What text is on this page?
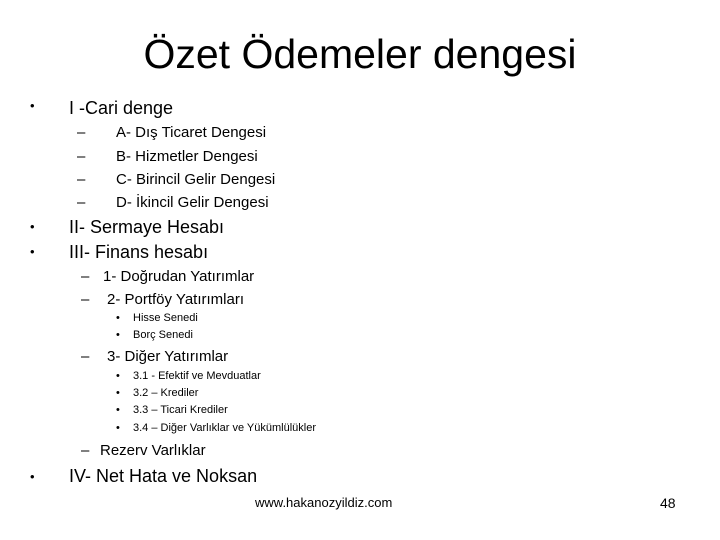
Özet Ödemeler dengesi
• I -Cari denge
– A- Dış Ticaret Dengesi
– B- Hizmetler Dengesi
– C- Birincil Gelir Dengesi
– D- İkincil Gelir Dengesi
• II- Sermaye Hesabı
• III- Finans hesabı
– 1- Doğrudan Yatırımlar
– 2- Portföy Yatırımları
• Hisse Senedi
• Borç Senedi
– 3- Diğer Yatırımlar
• 3.1 - Efektif ve Mevduatlar
• 3.2 – Krediler
• 3.3 – Ticari Krediler
• 3.4 – Diğer Varlıklar ve Yükümlülükler
– Rezerv Varlıklar
• IV- Net Hata ve Noksan
www.hakanozyildiz.com	48
